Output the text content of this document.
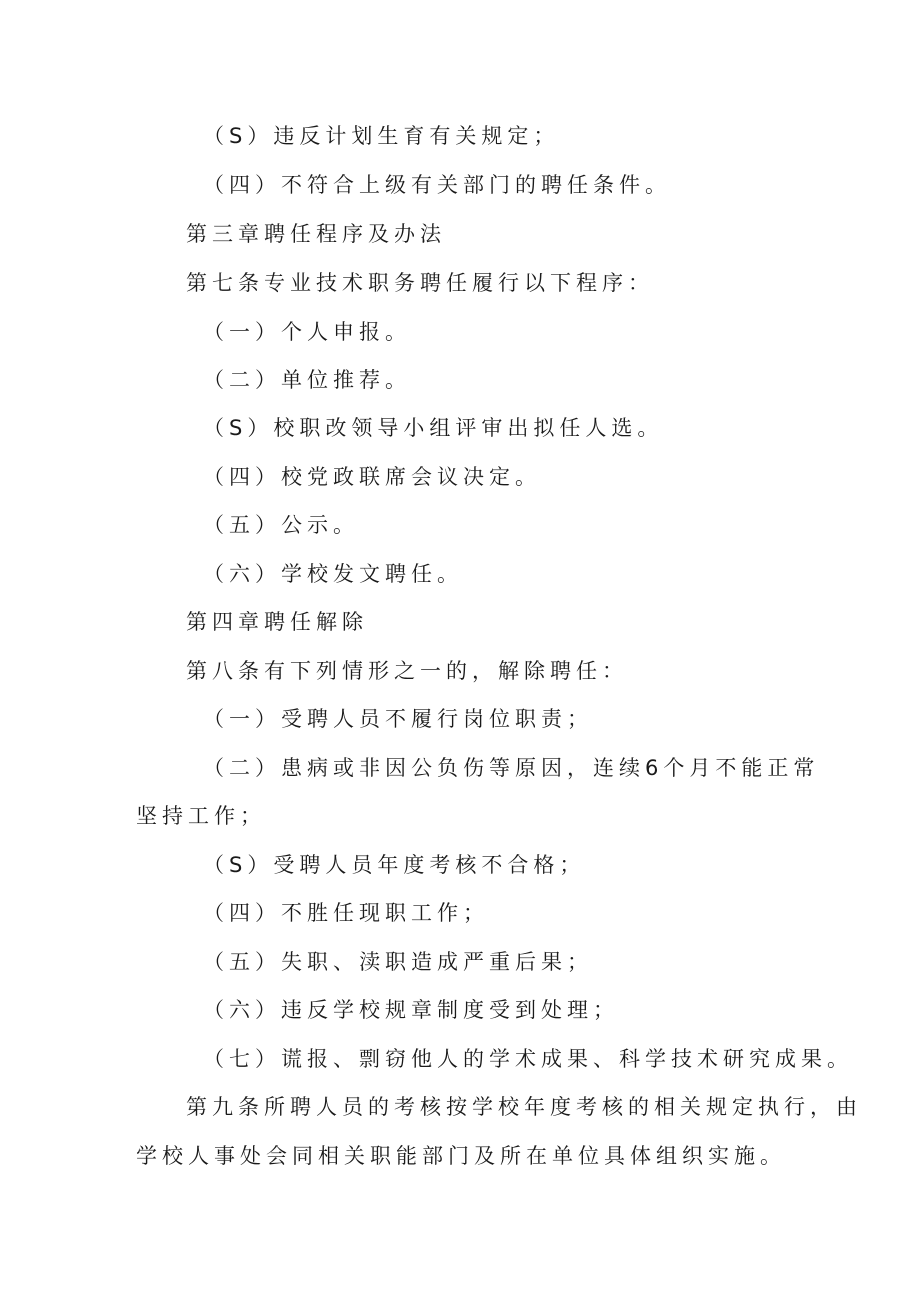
（S）违反计划生育有关规定；
（四）不符合上级有关部门的聘任条件。
第三章聘任程序及办法
第七条专业技术职务聘任履行以下程序：
（一）个人申报。
（二）单位推荐。
（S）校职改领导小组评审出拟任人选。
（四）校党政联席会议决定。
（五）公示。
（六）学校发文聘任。
第四章聘任解除
第八条有下列情形之一的，解除聘任：
（一）受聘人员不履行岗位职责；
（二）患病或非因公负伤等原因，连续6个月不能正常
坚持工作；
（S）受聘人员年度考核不合格；
（四）不胜任现职工作；
（五）失职、渎职造成严重后果；
（六）违反学校规章制度受到处理；
（七）谎报、剽窃他人的学术成果、科学技术研究成果。
第九条所聘人员的考核按学校年度考核的相关规定执行，由
学校人事处会同相关职能部门及所在单位具体组织实施。
